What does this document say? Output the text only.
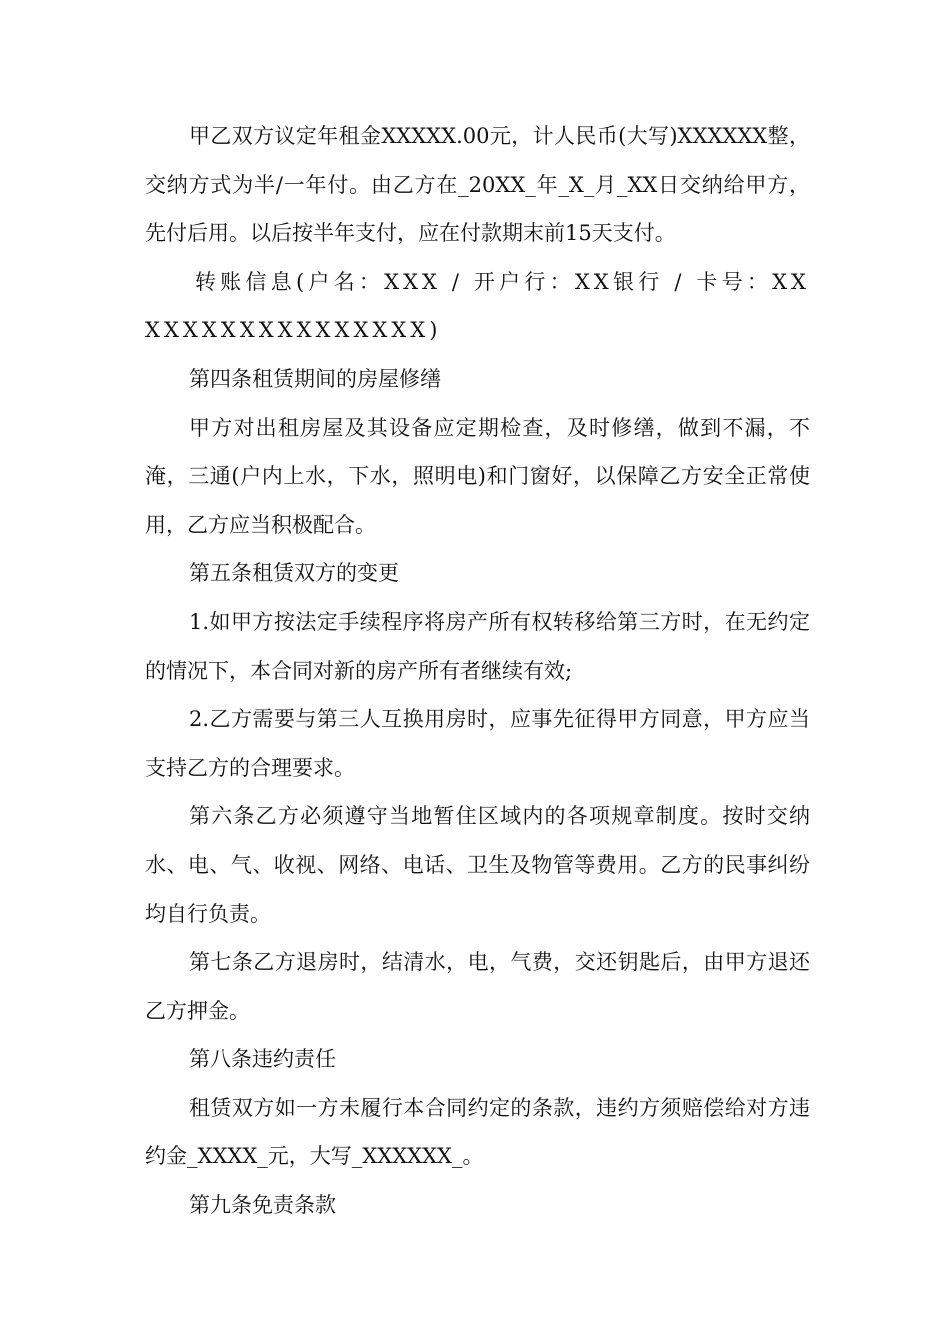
甲乙双方议定年租金XXXXX.00元，计人民币(大写)XXXXXX整，交纳方式为半/一年付。由乙方在_20XX_年_X_月_XX日交纳给甲方，先付后用。以后按半年支付，应在付款期末前15天支付。

转账信息(户名：XXX / 开户行：XX银行 / 卡号：XXXXXXXXXXXXXXXXX)

第四条租赁期间的房屋修缮

甲方对出租房屋及其设备应定期检查，及时修缮，做到不漏，不淹，三通(户内上水，下水，照明电)和门窗好，以保障乙方安全正常使用，乙方应当积极配合。

第五条租赁双方的变更

1.如甲方按法定手续程序将房产所有权转移给第三方时，在无约定的情况下，本合同对新的房产所有者继续有效;

2.乙方需要与第三人互换用房时，应事先征得甲方同意，甲方应当支持乙方的合理要求。

第六条乙方必须遵守当地暂住区域内的各项规章制度。按时交纳水、电、气、收视、网络、电话、卫生及物管等费用。乙方的民事纠纷均自行负责。

第七条乙方退房时，结清水，电，气费，交还钥匙后，由甲方退还乙方押金。

第八条违约责任

租赁双方如一方未履行本合同约定的条款，违约方须赔偿给对方违约金_XXXX_元，大写_XXXXXX_。

第九条免责条款
